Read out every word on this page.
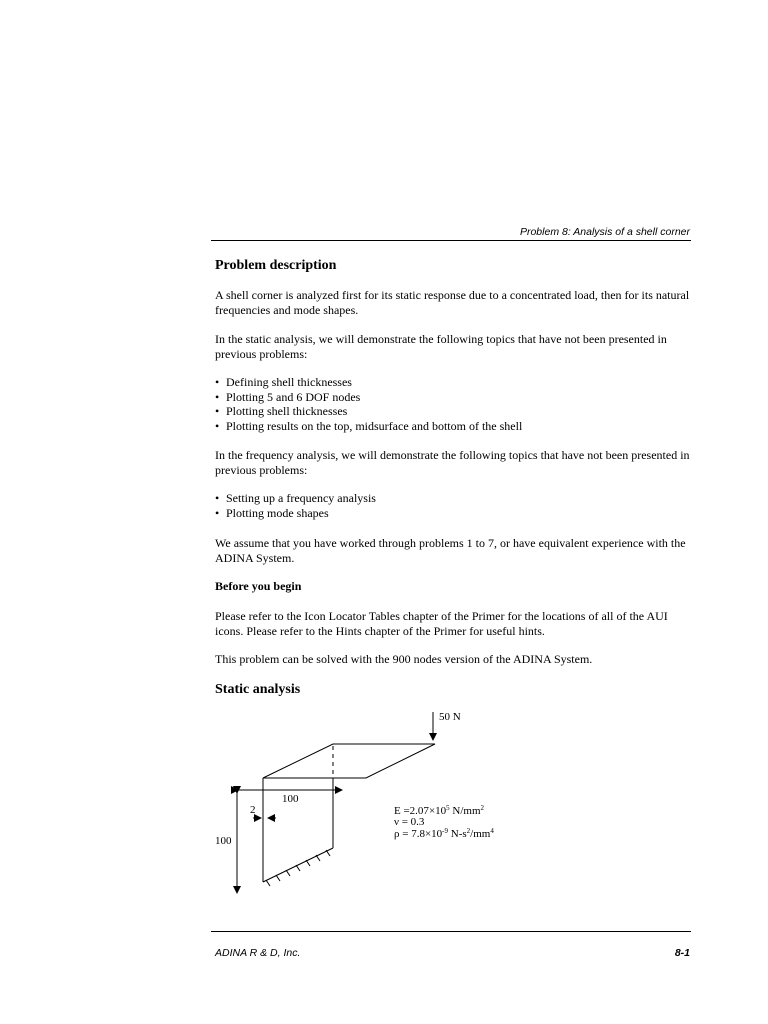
Problem 8: Analysis of a shell corner
Problem description

A shell corner is analyzed first for its static response due to a concentrated load, then for its natural frequencies and mode shapes.

In the static analysis, we will demonstrate the following topics that have not been presented in previous problems:

• Defining shell thicknesses
• Plotting 5 and 6 DOF nodes
• Plotting shell thicknesses
• Plotting results on the top, midsurface and bottom of the shell

In the frequency analysis, we will demonstrate the following topics that have not been presented in previous problems:

• Setting up a frequency analysis
• Plotting mode shapes

We assume that you have worked through problems 1 to 7, or have equivalent experience with the ADINA System.

Before you begin

Please refer to the Icon Locator Tables chapter of the Primer for the locations of all of the AUI icons. Please refer to the Hints chapter of the Primer for useful hints.

This problem can be solved with the 900 nodes version of the ADINA System.

Static analysis
50 N
100
100
2	$E =2.07\times 10^5$ $N/mm^2$
ν = 0.3
$\rho = 7.8\times 10^{-9}$ $N-s^2/mm^4$
ADINA R & D, Inc.	8-1
